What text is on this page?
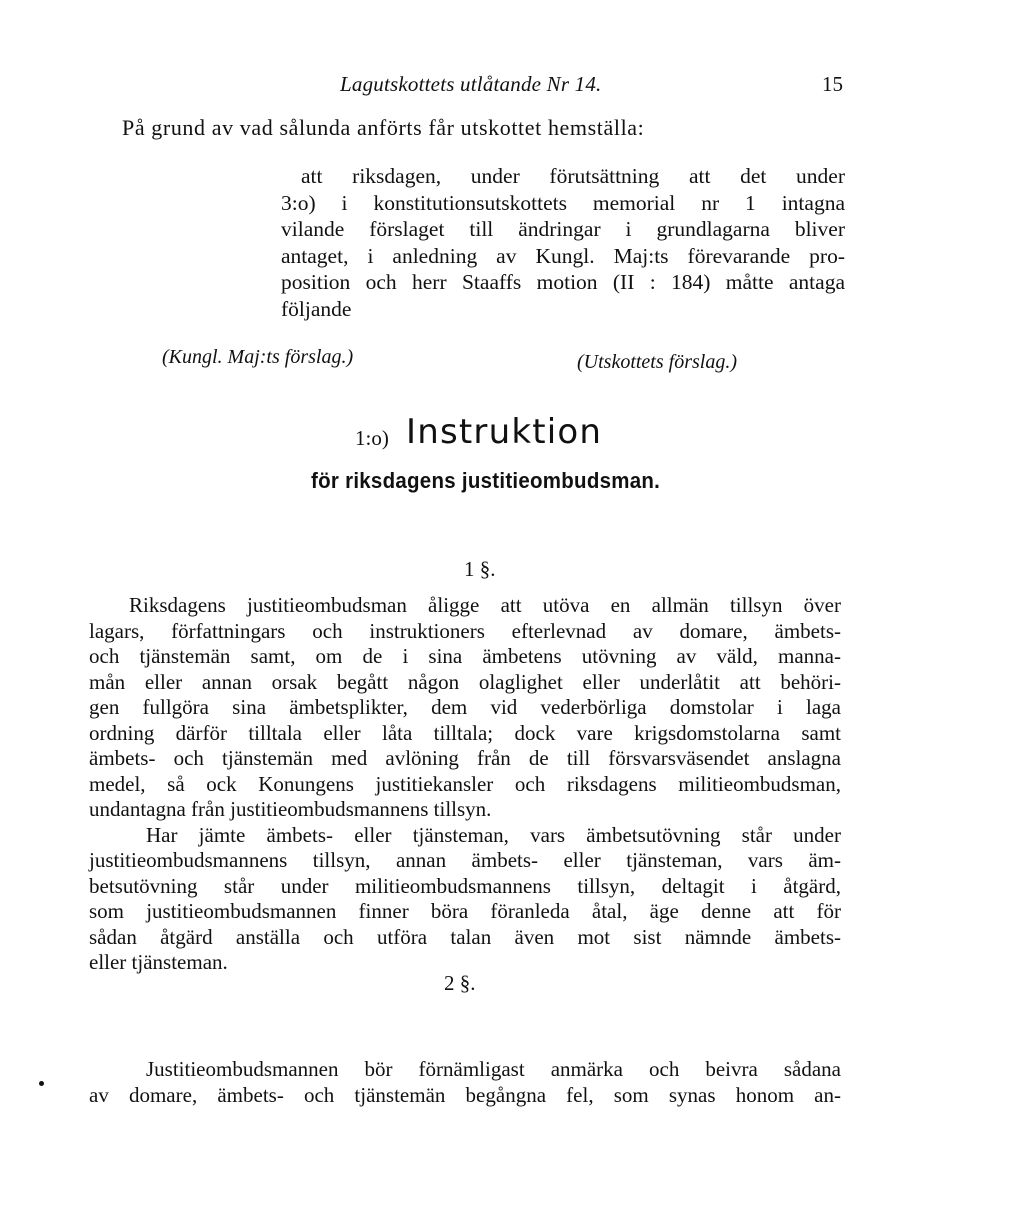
Lagutskottets utlåtande Nr 14.	15
På grund av vad sålunda anförts får utskottet hemställa:
att riksdagen, under förutsättning att det under
3:o) i konstitutionsutskottets memorial nr 1 intagna
vilande förslaget till ändringar i grundlagarna bliver
antaget, i anledning av Kungl. Maj:ts förevarande pro-
position och herr Staaffs motion (II : 184) måtte antaga
följande
(Kungl. Maj:ts förslag.)	(Utskottets förslag.)
1:o) Instruktion
för riksdagens justitieombudsman.
1 §.
Riksdagens justitieombudsman åligge att utöva en allmän tillsyn över
lagars, författningars och instruktioners efterlevnad av domare, ämbets-
och tjänstemän samt, om de i sina ämbetens utövning av väld, manna-
mån eller annan orsak begått någon olaglighet eller underlåtit att behöri-
gen fullgöra sina ämbetsplikter, dem vid vederbörliga domstolar i laga
ordning därför tilltala eller låta tilltala; dock vare krigsdomstolarna samt
ämbets- och tjänstemän med avlöning från de till försvarsväsendet anslagna
medel, så ock Konungens justitiekansler och riksdagens militieombudsman,
undantagna från justitieombudsmannens tillsyn.
Har jämte ämbets- eller tjänsteman, vars ämbetsutövning står under
justitieombudsmannens tillsyn, annan ämbets- eller tjänsteman, vars äm-
betsutövning står under militieombudsmannens tillsyn, deltagit i åtgärd,
som justitieombudsmannen finner böra föranleda åtal, äge denne att för
sådan åtgärd anställa och utföra talan även mot sist nämnde ämbets-
eller tjänsteman.
2 §.
Justitieombudsmannen bör förnämligast anmärka och beivra sådana
av domare, ämbets- och tjänstemän begångna fel, som synas honom an-
